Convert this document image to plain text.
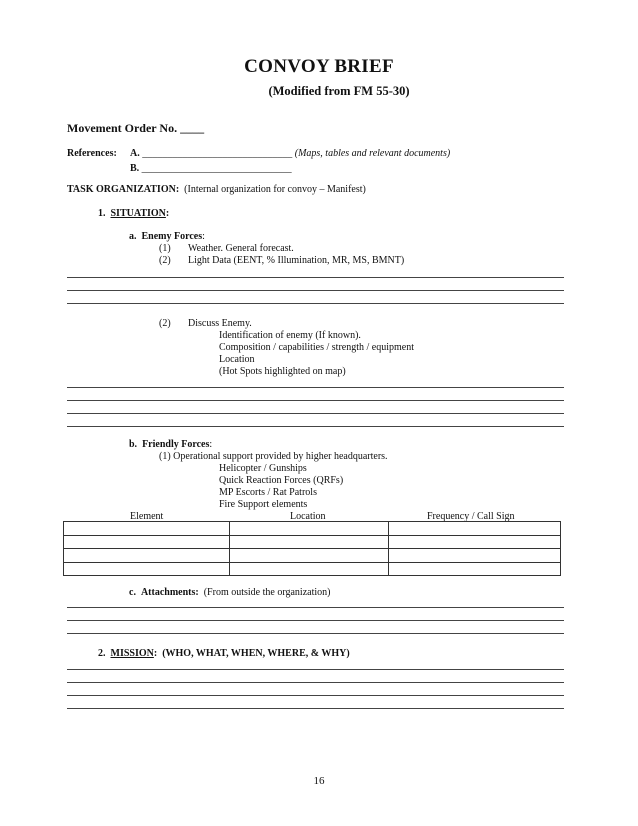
CONVOY BRIEF
(Modified from FM 55-30)
Movement Order No. ____
References: A. ______________________________ (Maps, tables and relevant documents)
B. ______________________________
TASK ORGANIZATION: (Internal organization for convoy – Manifest)
1. SITUATION:
a. Enemy Forces:
(1) Weather. General forecast.
(2) Light Data (EENT, % Illumination, MR, MS, BMNT)
(2) Discuss Enemy.
Identification of enemy (If known).
Composition / capabilities / strength / equipment
Location
(Hot Spots highlighted on map)
b. Friendly Forces:
(1) Operational support provided by higher headquarters.
Helicopter / Gunships
Quick Reaction Forces (QRFs)
MP Escorts / Rat Patrols
Fire Support elements
Element	Location	Frequency / Call Sign

c. Attachments: (From outside the organization)
2. MISSION: (WHO, WHAT, WHEN, WHERE, & WHY)
16
